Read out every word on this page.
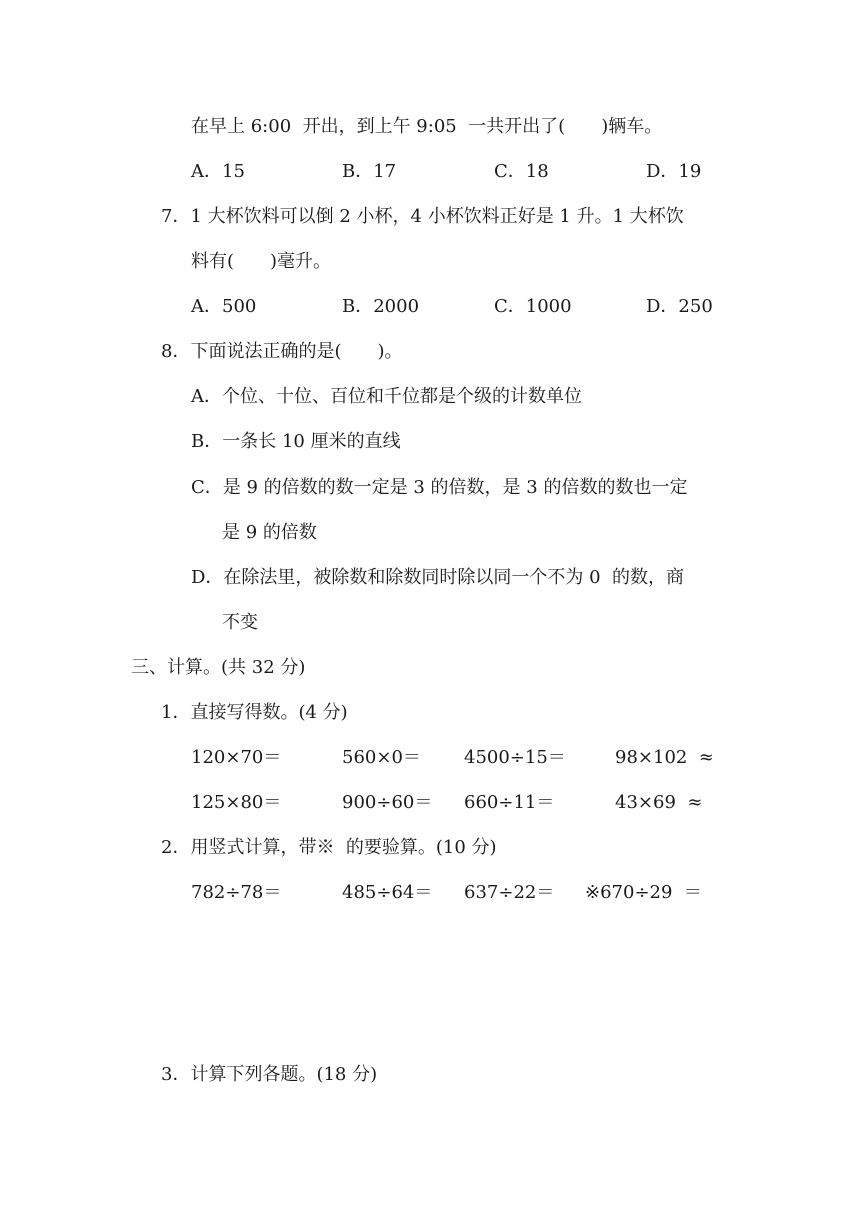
在早上 6:00  开出，到上午 9:05  一共开出了(　　)辆车。
A．15	B．17	C．18	D．19
7．1 大杯饮料可以倒 2 小杯，4 小杯饮料正好是 1 升。1 大杯饮
料有(　　)毫升。
A．500	B．2000	C．1000	D．250
8．下面说法正确的是(　　)。
A．个位、十位、百位和千位都是个级的计数单位
B．一条长 10 厘米的直线
C．是 9 的倍数的数一定是 3 的倍数，是 3 的倍数的数也一定
是 9 的倍数
D．在除法里，被除数和除数同时除以同一个不为 0  的数，商
不变
三、计算。(共 32 分)
1．直接写得数。(4 分)
120×70＝	560×0＝ 4500÷15＝	98×102  ≈
125×80＝	900÷60＝ 660÷11＝	43×69  ≈
2．用竖式计算，带※  的要验算。(10 分)
782÷78＝	485÷64＝ 637÷22＝ ※670÷29  ＝
3．计算下列各题。(18 分)
